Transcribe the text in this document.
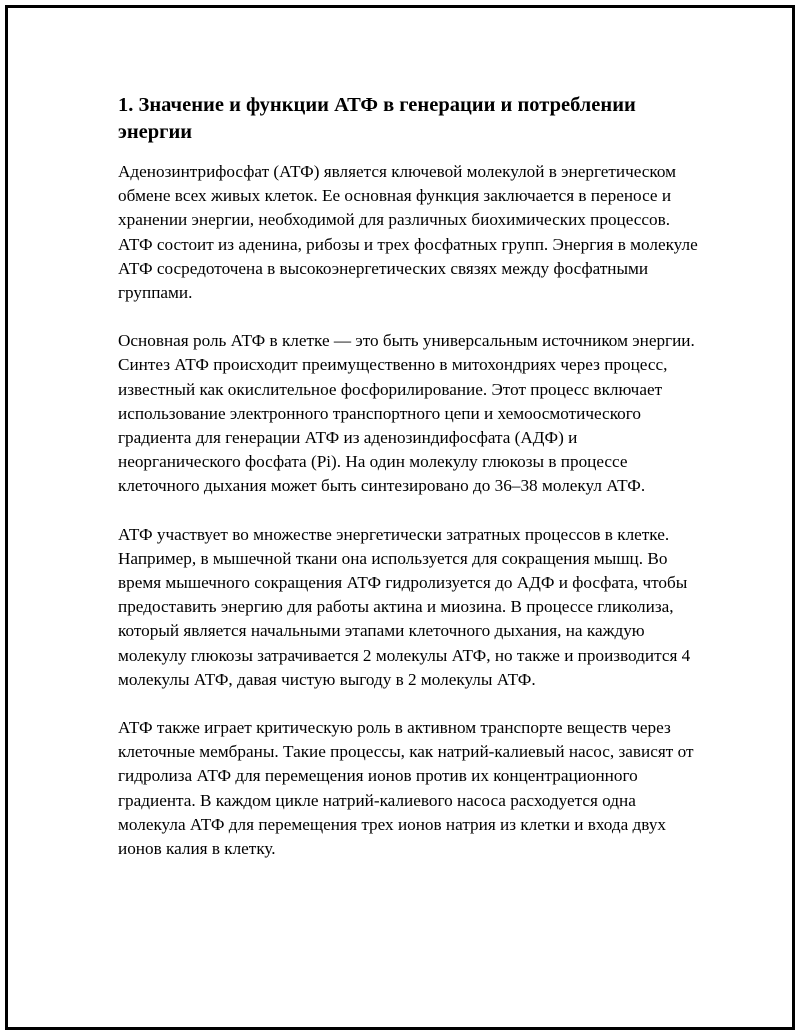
1. Значение и функции АТФ в генерации и потреблении энергии

Аденозинтрифосфат (АТФ) является ключевой молекулой в энергетическом обмене всех живых клеток. Ее основная функция заключается в переносе и хранении энергии, необходимой для различных биохимических процессов. АТФ состоит из аденина, рибозы и трех фосфатных групп. Энергия в молекуле АТФ сосредоточена в высокоэнергетических связях между фосфатными группами.

Основная роль АТФ в клетке — это быть универсальным источником энергии. Синтез АТФ происходит преимущественно в митохондриях через процесс, известный как окислительное фосфорилирование. Этот процесс включает использование электронного транспортного цепи и хемоосмотического градиента для генерации АТФ из аденозиндифосфата (АДФ) и неорганического фосфата (Pi). На один молекулу глюкозы в процессе клеточного дыхания может быть синтезировано до 36–38 молекул АТФ.

АТФ участвует во множестве энергетически затратных процессов в клетке. Например, в мышечной ткани она используется для сокращения мышц. Во время мышечного сокращения АТФ гидролизуется до АДФ и фосфата, чтобы предоставить энергию для работы актина и миозина. В процессе гликолиза, который является начальными этапами клеточного дыхания, на каждую молекулу глюкозы затрачивается 2 молекулы АТФ, но также и производится 4 молекулы АТФ, давая чистую выгоду в 2 молекулы АТФ.

АТФ также играет критическую роль в активном транспорте веществ через клеточные мембраны. Такие процессы, как натрий-калиевый насос, зависят от гидролиза АТФ для перемещения ионов против их концентрационного градиента. В каждом цикле натрий-калиевого насоса расходуется одна молекула АТФ для перемещения трех ионов натрия из клетки и входа двух ионов калия в клетку.
